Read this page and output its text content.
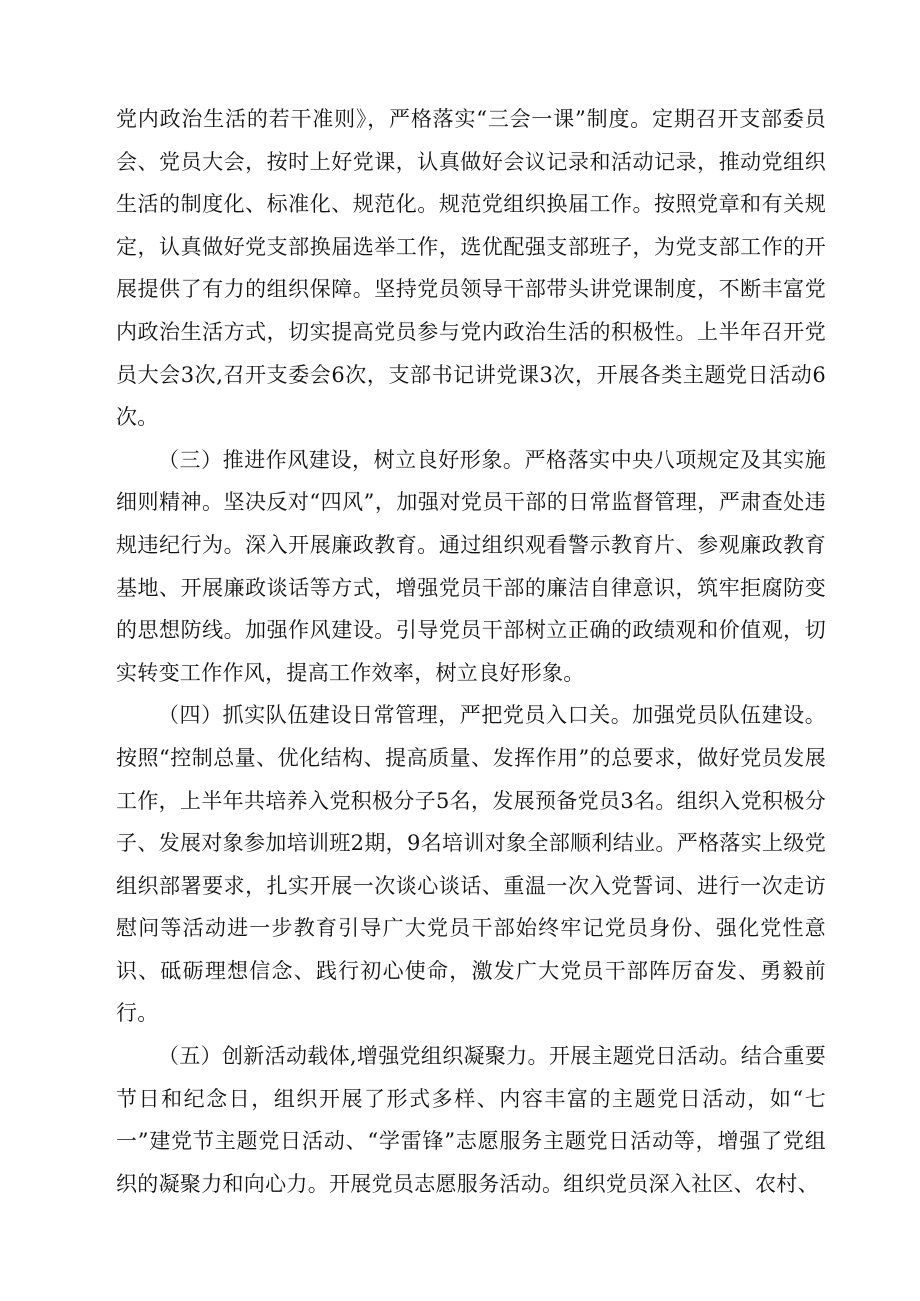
党内政治生活的若干准则》，严格落实“三会一课”制度。定期召开支部委员会、党员大会，按时上好党课，认真做好会议记录和活动记录，推动党组织生活的制度化、标准化、规范化。规范党组织换届工作。按照党章和有关规定，认真做好党支部换届选举工作，选优配强支部班子，为党支部工作的开展提供了有力的组织保障。坚持党员领导干部带头讲党课制度，不断丰富党内政治生活方式，切实提高党员参与党内政治生活的积极性。上半年召开党员大会3次,召开支委会6次，支部书记讲党课3次，开展各类主题党日活动6次。

（三）推进作风建设，树立良好形象。严格落实中央八项规定及其实施细则精神。坚决反对“四风”，加强对党员干部的日常监督管理，严肃查处违规违纪行为。深入开展廉政教育。通过组织观看警示教育片、参观廉政教育基地、开展廉政谈话等方式，增强党员干部的廉洁自律意识，筑牢拒腐防变的思想防线。加强作风建设。引导党员干部树立正确的政绩观和价值观，切实转变工作作风，提高工作效率，树立良好形象。

（四）抓实队伍建设日常管理，严把党员入口关。加强党员队伍建设。按照“控制总量、优化结构、提高质量、发挥作用”的总要求，做好党员发展工作，上半年共培养入党积极分子5名，发展预备党员3名。组织入党积极分子、发展对象参加培训班2期，9名培训对象全部顺利结业。严格落实上级党组织部署要求，扎实开展一次谈心谈话、重温一次入党誓词、进行一次走访慰问等活动进一步教育引导广大党员干部始终牢记党员身份、强化党性意识、砥砺理想信念、践行初心使命，激发广大党员干部阵厉奋发、勇毅前行。

（五）创新活动载体,增强党组织凝聚力。开展主题党日活动。结合重要节日和纪念日，组织开展了形式多样、内容丰富的主题党日活动，如“七一”建党节主题党日活动、“学雷锋”志愿服务主题党日活动等，增强了党组织的凝聚力和向心力。开展党员志愿服务活动。组织党员深入社区、农村、
